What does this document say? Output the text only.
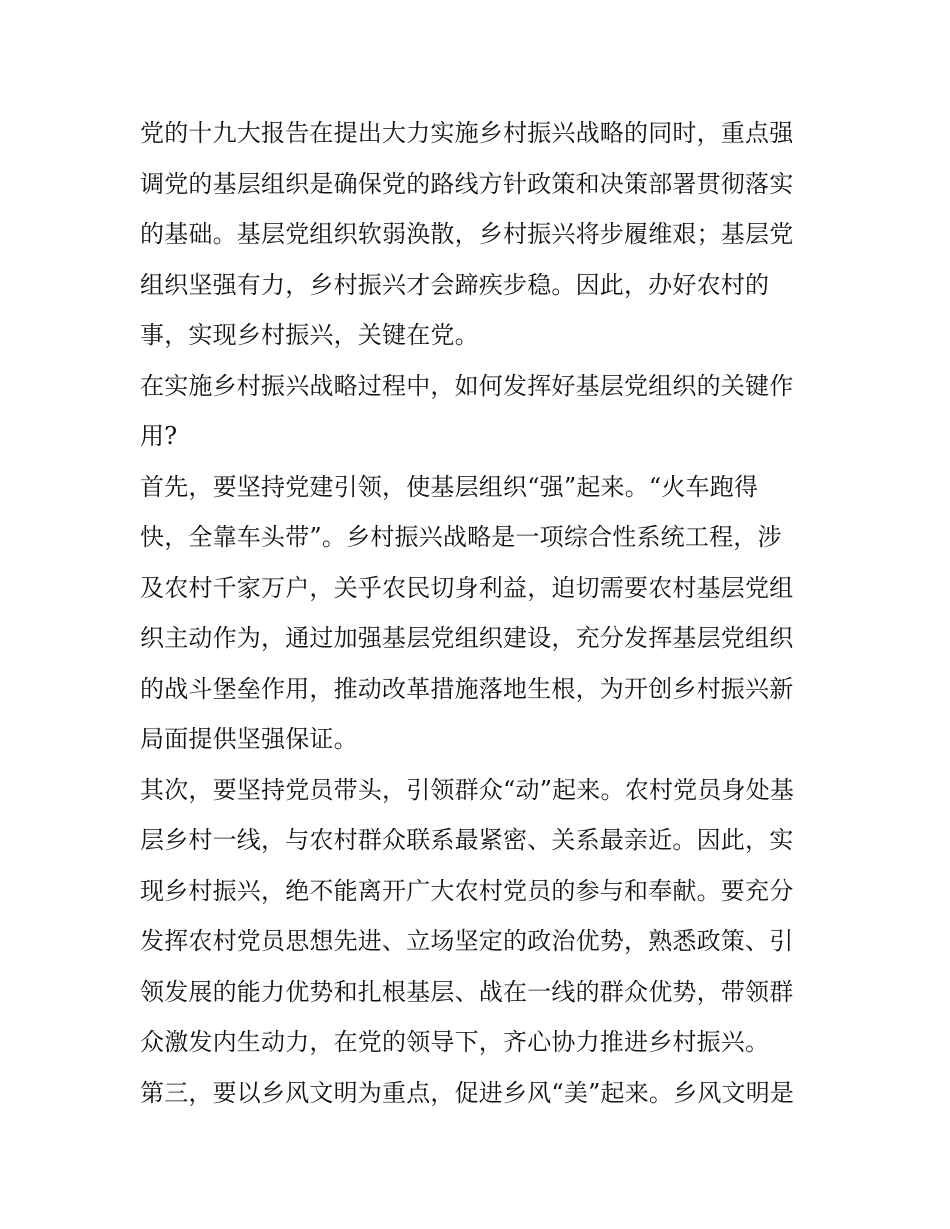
党的十九大报告在提出大力实施乡村振兴战略的同时，重点强
调党的基层组织是确保党的路线方针政策和决策部署贯彻落实
的基础。基层党组织软弱涣散，乡村振兴将步履维艰；基层党
组织坚强有力，乡村振兴才会蹄疾步稳。因此，办好农村的
事，实现乡村振兴，关键在党。
在实施乡村振兴战略过程中，如何发挥好基层党组织的关键作
用?
首先，要坚持党建引领，使基层组织“强”起来。“火车跑得
快，全靠车头带”。乡村振兴战略是一项综合性系统工程，涉
及农村千家万户，关乎农民切身利益，迫切需要农村基层党组
织主动作为，通过加强基层党组织建设，充分发挥基层党组织
的战斗堡垒作用，推动改革措施落地生根，为开创乡村振兴新
局面提供坚强保证。
其次，要坚持党员带头，引领群众“动”起来。农村党员身处基
层乡村一线，与农村群众联系最紧密、关系最亲近。因此，实
现乡村振兴，绝不能离开广大农村党员的参与和奉献。要充分
发挥农村党员思想先进、立场坚定的政治优势，熟悉政策、引
领发展的能力优势和扎根基层、战在一线的群众优势，带领群
众激发内生动力，在党的领导下，齐心协力推进乡村振兴。
第三，要以乡风文明为重点，促进乡风“美”起来。乡风文明是
